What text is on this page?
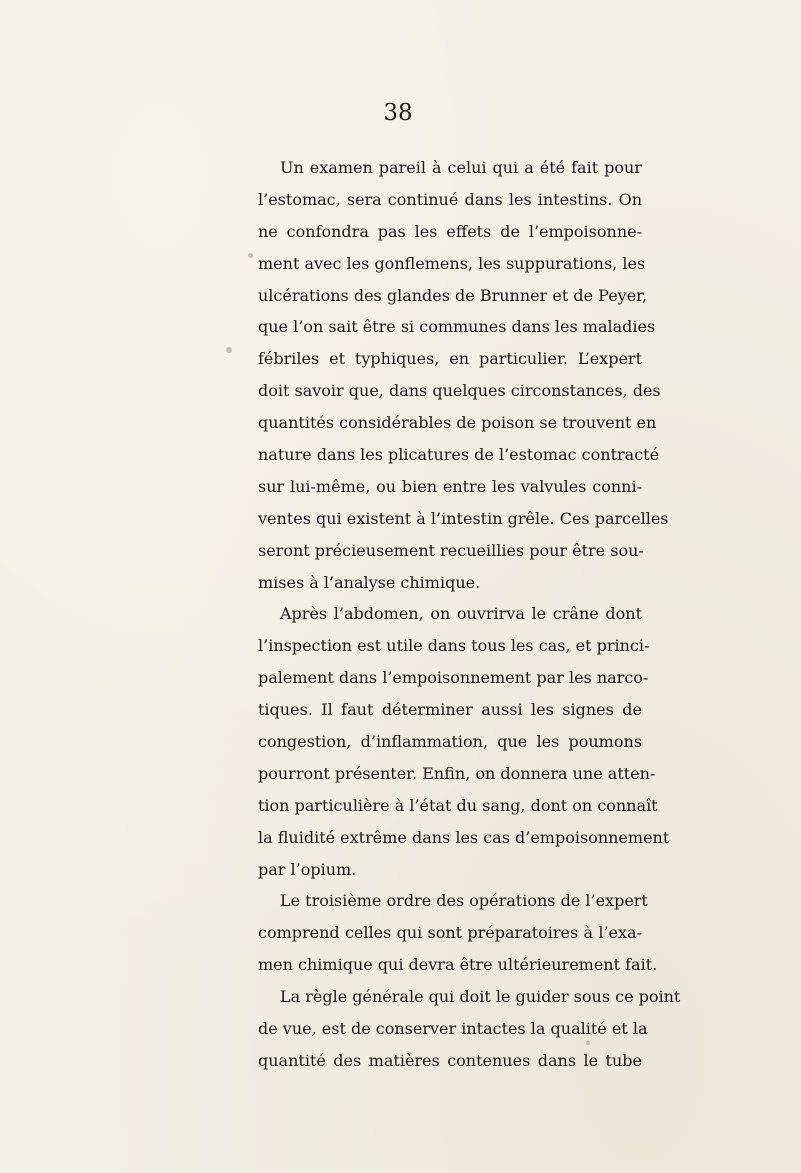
38

Un examen pareil à celui qui a été fait pour
l’estomac, sera continué dans les intestins. On
ne confondra pas les effets de l’empoisonne-
ment avec les gonflemens, les suppurations, les
ulcérations des glandes de Brunner et de Peyer,
que l’on sait être si communes dans les maladies
fébriles et typhiques, en particulier. L’expert
doit savoir que, dans quelques circonstances, des
quantités considérables de poison se trouvent en
nature dans les plicatures de l’estomac contracté
sur lui-même, ou bien entre les valvules conni-
ventes qui existent à l’intestin grêle. Ces parcelles
seront précieusement recueillies pour être sou-
mises à l’analyse chimique.
Après l’abdomen, on ouvrirva le crâne dont
l’inspection est utile dans tous les cas, et princi-
palement dans l’empoisonnement par les narco-
tiques. Il faut déterminer aussi les signes de
congestion, d’inflammation, que les poumons
pourront présenter. Enfin, on donnera une atten-
tion particulière à l’état du sang, dont on connaît
la fluidité extrême dans les cas d’empoisonnement
par l’opium.
Le troisième ordre des opérations de l’expert
comprend celles qui sont préparatoires à l’exa-
men chimique qui devra être ultérieurement fait.
La règle générale qui doit le guider sous ce point
de vue, est de conserver intactes la qualité et la
quantité des matières contenues dans le tube
